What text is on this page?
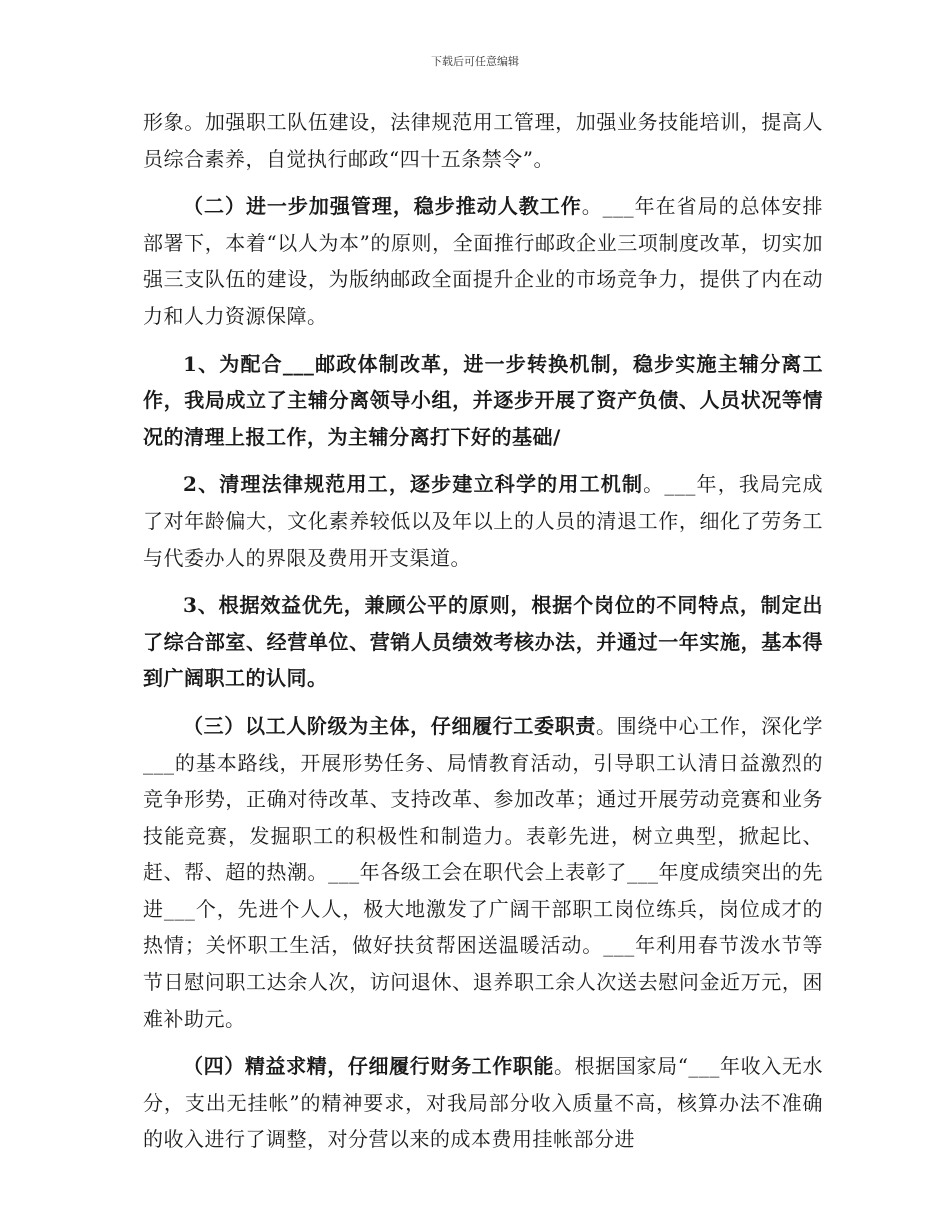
下载后可任意编辑

形象。加强职工队伍建设，法律规范用工管理，加强业务技能培训，提高人员综合素养，自觉执行邮政“四十五条禁令”。

（二）进一步加强管理，稳步推动人教工作。___年在省局的总体安排部署下，本着“以人为本”的原则，全面推行邮政企业三项制度改革，切实加强三支队伍的建设，为版纳邮政全面提升企业的市场竞争力，提供了内在动力和人力资源保障。

1、为配合___邮政体制改革，进一步转换机制，稳步实施主辅分离工作，我局成立了主辅分离领导小组，并逐步开展了资产负债、人员状况等情况的清理上报工作，为主辅分离打下好的基础/

2、清理法律规范用工，逐步建立科学的用工机制。___年，我局完成了对年龄偏大，文化素养较低以及年以上的人员的清退工作，细化了劳务工与代委办人的界限及费用开支渠道。

3、根据效益优先，兼顾公平的原则，根据个岗位的不同特点，制定出了综合部室、经营单位、营销人员绩效考核办法，并通过一年实施，基本得到广阔职工的认同。

（三）以工人阶级为主体，仔细履行工委职责。围绕中心工作，深化学___的基本路线，开展形势任务、局情教育活动，引导职工认清日益激烈的竞争形势，正确对待改革、支持改革、参加改革；通过开展劳动竞赛和业务技能竞赛，发掘职工的积极性和制造力。表彰先进，树立典型，掀起比、赶、帮、超的热潮。___年各级工会在职代会上表彰了___年度成绩突出的先进___个，先进个人人，极大地激发了广阔干部职工岗位练兵，岗位成才的热情；关怀职工生活，做好扶贫帮困送温暖活动。___年利用春节泼水节等节日慰问职工达余人次，访问退休、退养职工余人次送去慰问金近万元，困难补助元。

（四）精益求精，仔细履行财务工作职能。根据国家局“___年收入无水分，支出无挂帐”的精神要求，对我局部分收入质量不高，核算办法不准确的收入进行了调整，对分营以来的成本费用挂帐部分进
